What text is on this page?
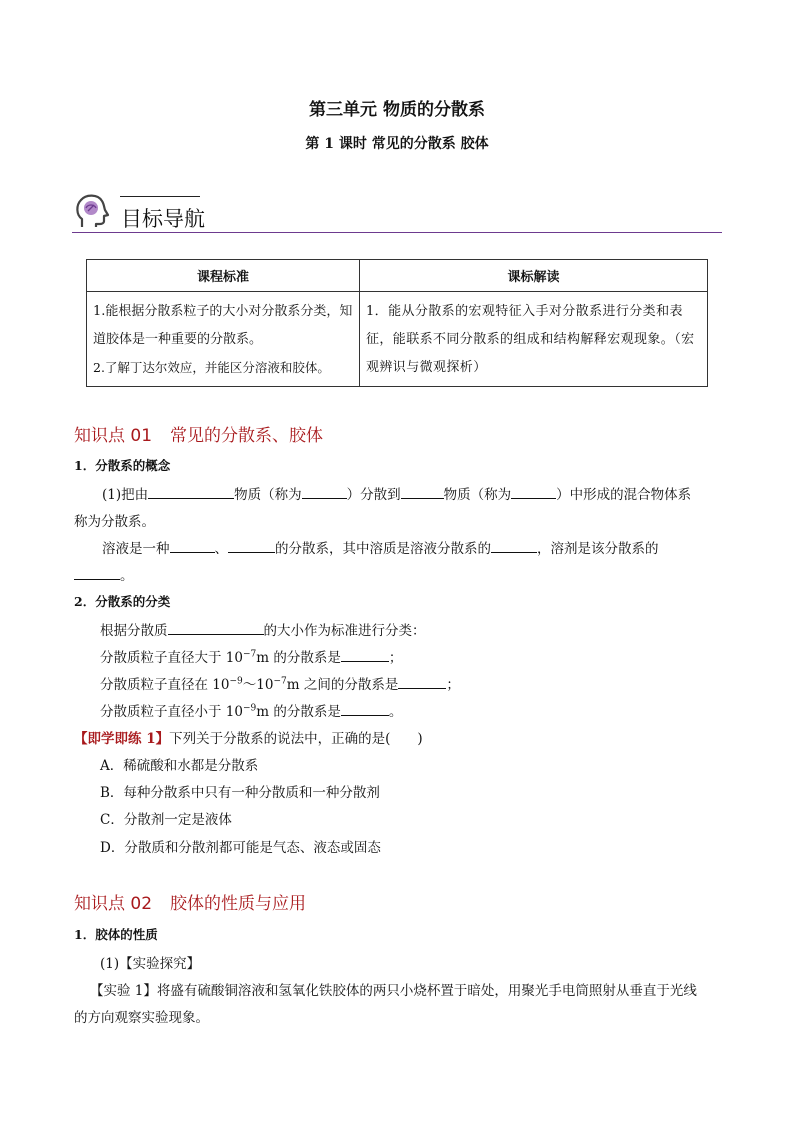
第三单元 物质的分散系
第 1 课时 常见的分散系 胶体
目标导航
课程标准	课标解读

1.能根据分散系粒子的大小对分散系分类，知道胶体是一种重要的分散系。
2.了解丁达尔效应，并能区分溶液和胶体。	1．能从分散系的宏观特征入手对分散系进行分类和表征，能联系不同分散系的组成和结构解释宏观现象。（宏观辨识与微观探析）
知识点 01 常见的分散系、胶体
1．分散系的概念
(1)把由	物质（称为	）分散到	物质（称为	）中形成的混合物体系
称为分散系。
溶液是一种	、	的分散系，其中溶质是溶液分散系的	，溶剂是该分散系的
。
2．分散系的分类
根据分散质	的大小作为标准进行分类：
分散质粒子直径大于 $10^{-7}m$ 的分散系是	；
分散质粒子直径在 $10^{-9}\sim 10^{-7}m$ 之间的分散系是	；
分散质粒子直径小于 $10^{-9}m$ 的分散系是	。
【即学即练 1】下列关于分散系的说法中，正确的是(　　)
A．稀硫酸和水都是分散系
B．每种分散系中只有一种分散质和一种分散剂
C．分散剂一定是液体
D．分散质和分散剂都可能是气态、液态或固态
知识点 02 胶体的性质与应用
1．胶体的性质
(1)【实验探究】
【实验 1】将盛有硫酸铜溶液和氢氧化铁胶体的两只小烧杯置于暗处，用聚光手电筒照射从垂直于光线
的方向观察实验现象。
